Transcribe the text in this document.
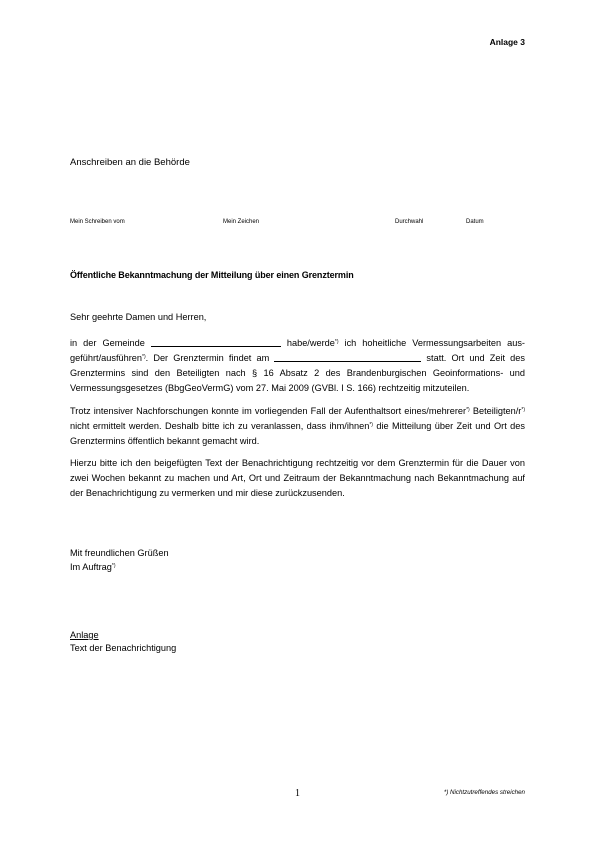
Anlage 3
Anschreiben an die Behörde
Mein Schreiben vom	Mein Zeichen	Durchwahl	Datum
Öffentliche Bekanntmachung der Mitteilung über einen Grenztermin
Sehr geehrte Damen und Herren,

in der Gemeinde	habe/werde*) ich hoheitliche Vermessungsarbeiten ausgeführt/ausführen*). Der Grenztermin findet am	statt. Ort und Zeit des Grenztermins sind den Beteiligten nach § 16 Absatz 2 des Brandenburgischen Geoinformations- und Vermessungsgesetzes (BbgGeoVermG) vom 27. Mai 2009 (GVBl. I S. 166) rechtzeitig mitzuteilen.

Trotz intensiver Nachforschungen konnte im vorliegenden Fall der Aufenthaltsort eines/mehrerer*) Beteiligten/r*) nicht ermittelt werden. Deshalb bitte ich zu veranlassen, dass ihm/ihnen*) die Mitteilung über Zeit und Ort des Grenztermins öffentlich bekannt gemacht wird.

Hierzu bitte ich den beigefügten Text der Benachrichtigung rechtzeitig vor dem Grenztermin für die Dauer von zwei Wochen bekannt zu machen und Art, Ort und Zeitraum der Bekanntmachung nach Bekanntmachung auf der Benachrichtigung zu vermerken und mir diese zurückzusenden.

Mit freundlichen Grüßen
Im Auftrag*)
Anlage
Text der Benachrichtigung
1	*) Nichtzutreffendes streichen
